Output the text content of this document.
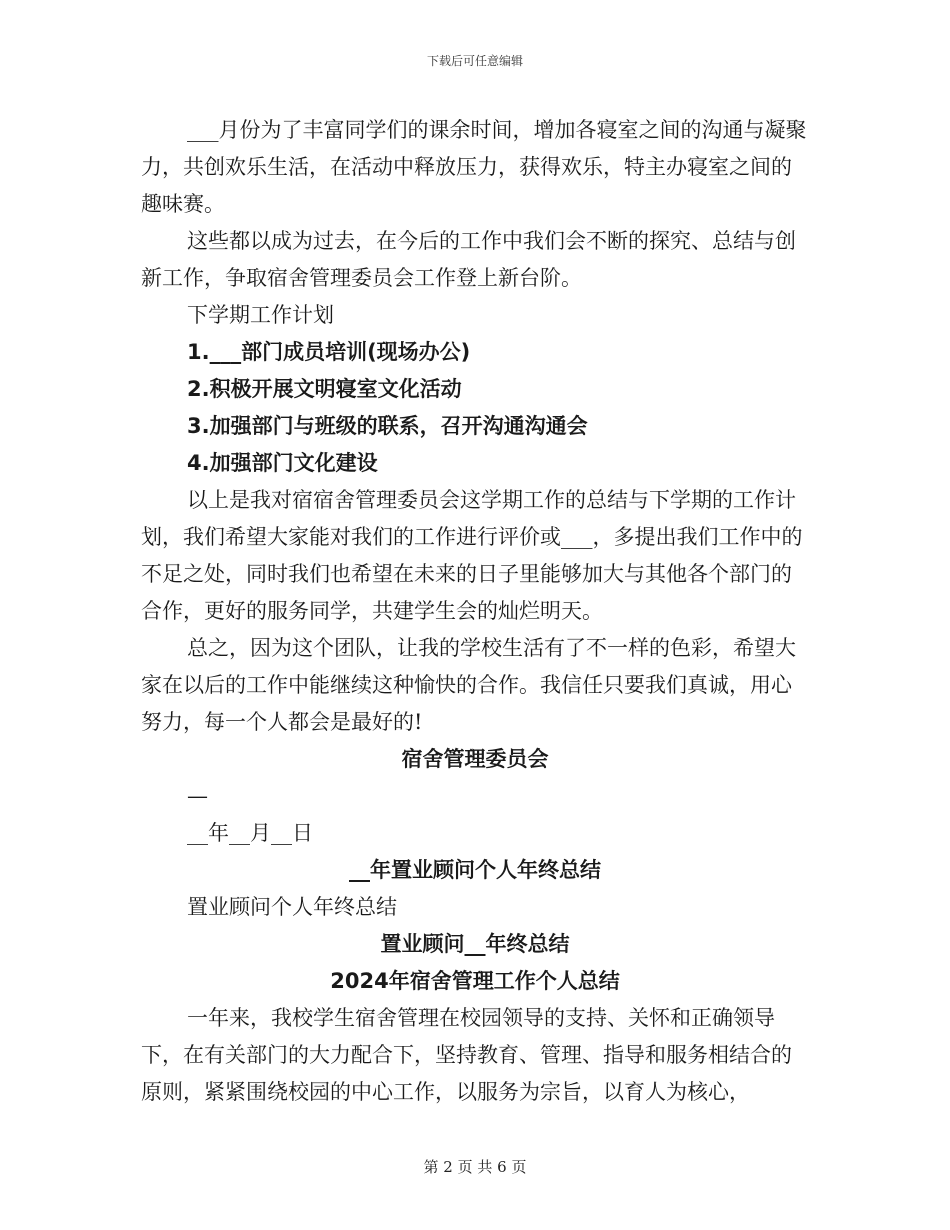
下载后可任意编辑

___月份为了丰富同学们的课余时间，增加各寝室之间的沟通与凝聚力，共创欢乐生活，在活动中释放压力，获得欢乐，特主办寝室之间的趣味赛。

这些都以成为过去，在今后的工作中我们会不断的探究、总结与创新工作，争取宿舍管理委员会工作登上新台阶。

下学期工作计划

1.___部门成员培训(现场办公)

2.积极开展文明寝室文化活动

3.加强部门与班级的联系，召开沟通沟通会

4.加强部门文化建设

以上是我对宿宿舍管理委员会这学期工作的总结与下学期的工作计划，我们希望大家能对我们的工作进行评价或___，多提出我们工作中的不足之处，同时我们也希望在未来的日子里能够加大与其他各个部门的合作，更好的服务同学，共建学生会的灿烂明天。

总之，因为这个团队，让我的学校生活有了不一样的色彩，希望大家在以后的工作中能继续这种愉快的合作。我信任只要我们真诚，用心努力，每一个人都会是最好的!

宿舍管理委员会

—

__年__月__日

__年置业顾问个人年终总结

置业顾问个人年终总结

置业顾问__年终总结

2024年宿舍管理工作个人总结

一年来，我校学生宿舍管理在校园领导的支持、关怀和正确领导下，在有关部门的大力配合下，坚持教育、管理、指导和服务相结合的原则，紧紧围绕校园的中心工作，以服务为宗旨，以育人为核心，

第 2 页 共 6 页
